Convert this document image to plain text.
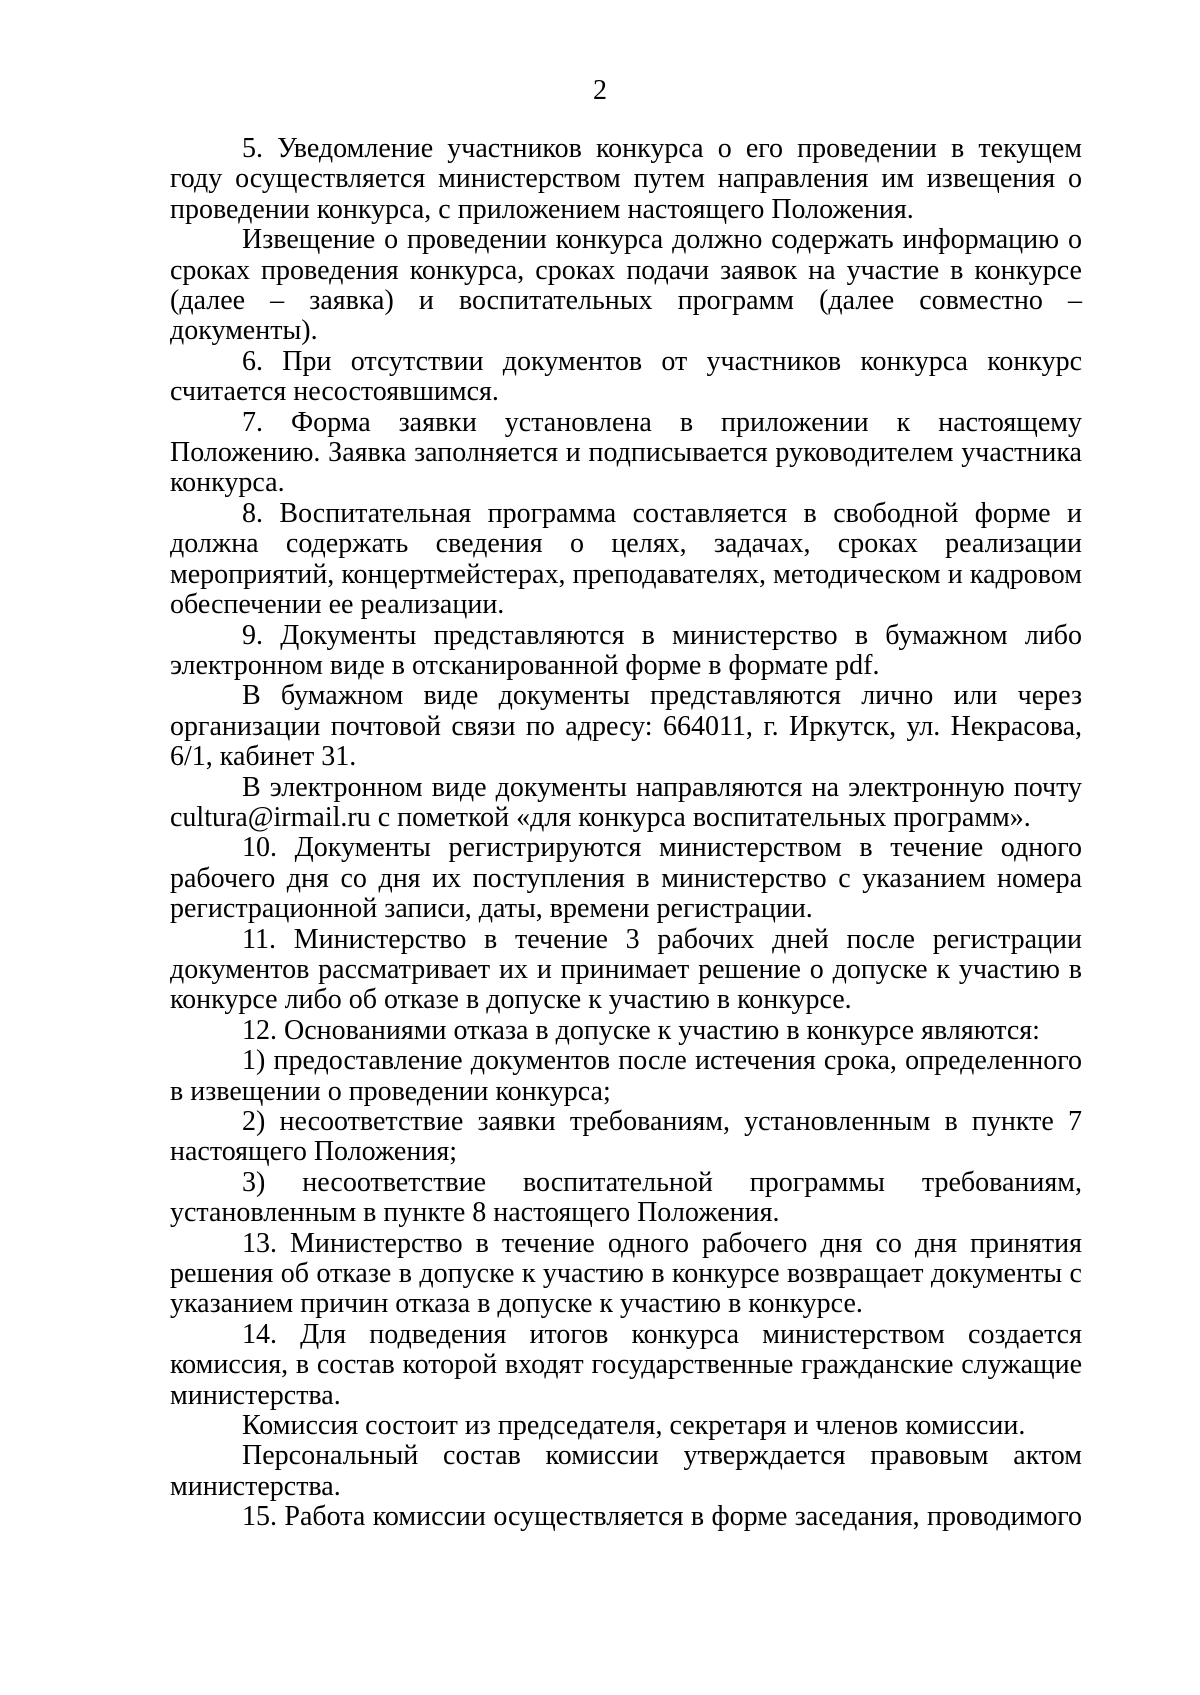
2

5. Уведомление участников конкурса о его проведении в текущем году осуществляется министерством путем направления им извещения о проведении конкурса, с приложением настоящего Положения.

Извещение о проведении конкурса должно содержать информацию о сроках проведения конкурса, сроках подачи заявок на участие в конкурсе (далее – заявка) и воспитательных программ (далее совместно – документы).

6. При отсутствии документов от участников конкурса конкурс считается несостоявшимся.

7. Форма заявки установлена в приложении к настоящему Положению. Заявка заполняется и подписывается руководителем участника конкурса.

8. Воспитательная программа составляется в свободной форме и должна содержать сведения о целях, задачах, сроках реализации мероприятий, концертмейстерах, преподавателях, методическом и кадровом обеспечении ее реализации.

9. Документы представляются в министерство в бумажном либо электронном виде в отсканированной форме в формате pdf.

В бумажном виде документы представляются лично или через организации почтовой связи по адресу: 664011, г. Иркутск, ул. Некрасова, 6/1, кабинет 31.

В электронном виде документы направляются на электронную почту cultura@irmail.ru с пометкой «для конкурса воспитательных программ».

10. Документы регистрируются министерством в течение одного рабочего дня со дня их поступления в министерство с указанием номера регистрационной записи, даты, времени регистрации.

11. Министерство в течение 3 рабочих дней после регистрации документов рассматривает их и принимает решение о допуске к участию в конкурсе либо об отказе в допуске к участию в конкурсе.

12. Основаниями отказа в допуске к участию в конкурсе являются:

1) предоставление документов после истечения срока, определенного в извещении о проведении конкурса;

2) несоответствие заявки требованиям, установленным в пункте 7 настоящего Положения;

3) несоответствие воспитательной программы требованиям, установленным в пункте 8 настоящего Положения.

13. Министерство в течение одного рабочего дня со дня принятия решения об отказе в допуске к участию в конкурсе возвращает документы с указанием причин отказа в допуске к участию в конкурсе.

14. Для подведения итогов конкурса министерством создается комиссия, в состав которой входят государственные гражданские служащие министерства.

Комиссия состоит из председателя, секретаря и членов комиссии.

Персональный состав комиссии утверждается правовым актом министерства.

15. Работа комиссии осуществляется в форме заседания, проводимого
